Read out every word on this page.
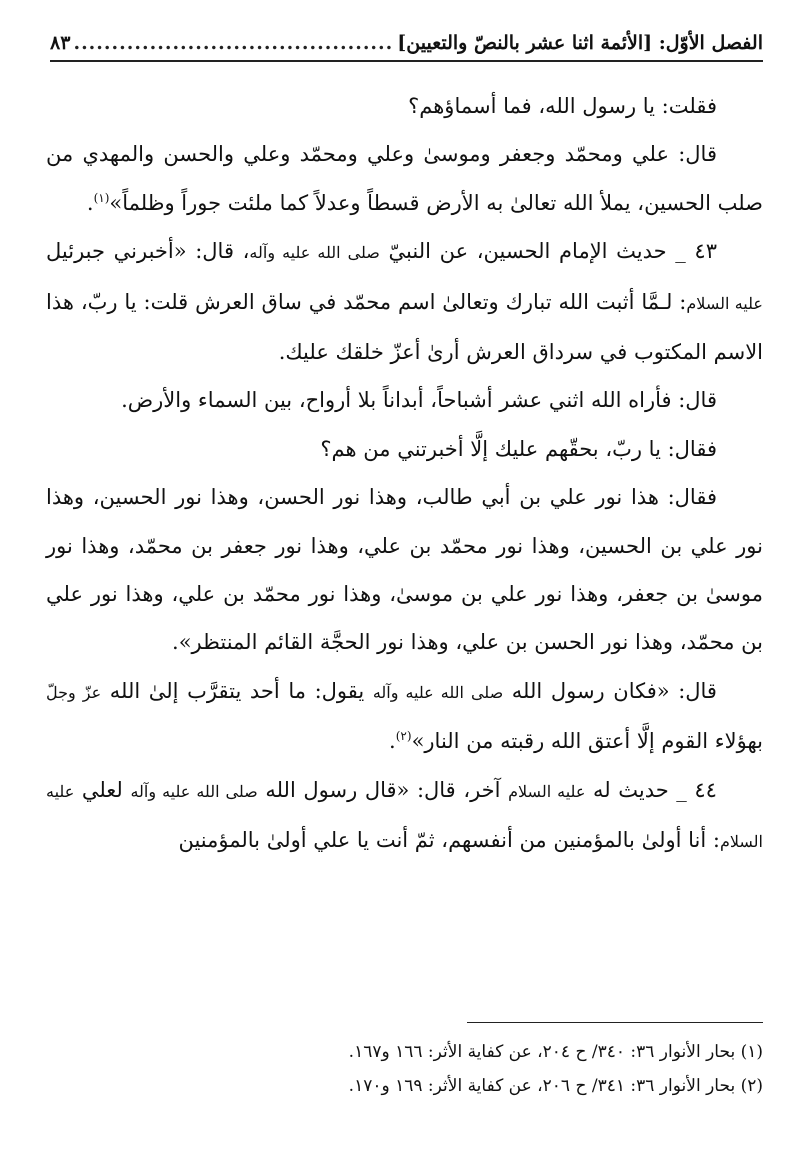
الفصل الأوّل: [الأئمة اثنا عشر بالنصّ والتعيين]
.....
٨٣

فقلت: يا رسول الله، فما أسماؤهم؟

قال: علي ومحمّد وجعفر وموسىٰ وعلي ومحمّد وعلي والحسن والمهدي من صلب الحسين، يملأ الله تعالىٰ به الأرض قسطاً وعدلاً كما ملئت جوراً وظلماً»$^{(١)}$.

٤٣ _ حديث الإمام الحسين، عن النبيّ صلى الله عليه وآله، قال: «أخبرني جبرئيل عليه السلام: لـمَّا أثبت الله تبارك وتعالىٰ اسم محمّد في ساق العرش قلت: يا ربّ، هذا الاسم المكتوب في سرداق العرش أرىٰ أعزّ خلقك عليك.

قال: فأراه الله اثني عشر أشباحاً، أبداناً بلا أرواح، بين السماء والأرض.

فقال: يا ربّ، بحقّهم عليك إلَّا أخبرتني من هم؟

فقال: هذا نور علي بن أبي طالب، وهذا نور الحسن، وهذا نور الحسين، وهذا نور علي بن الحسين، وهذا نور محمّد بن علي، وهذا نور جعفر بن محمّد، وهذا نور موسىٰ بن جعفر، وهذا نور علي بن موسىٰ، وهذا نور محمّد بن علي، وهذا نور علي بن محمّد، وهذا نور الحسن بن علي، وهذا نور الحجَّة القائم المنتظر».

قال: «فكان رسول الله صلى الله عليه وآله يقول: ما أحد يتقرَّب إلىٰ الله عزّ وجلّ بهؤلاء القوم إلَّا أعتق الله رقبته من النار»$^{(٢)}$.

٤٤ _ حديث له عليه السلام آخر، قال: «قال رسول الله صلى الله عليه وآله لعلي عليه السلام: أنا أولىٰ بالمؤمنين من أنفسهم، ثمّ أنت يا علي أولىٰ بالمؤمنين

(١) بحار الأنوار ٣٦: ٣٤٠/ ح ٢٠٤، عن كفاية الأثر: ١٦٦ و١٦٧.

(٢) بحار الأنوار ٣٦: ٣٤١/ ح ٢٠٦، عن كفاية الأثر: ١٦٩ و١٧٠.
